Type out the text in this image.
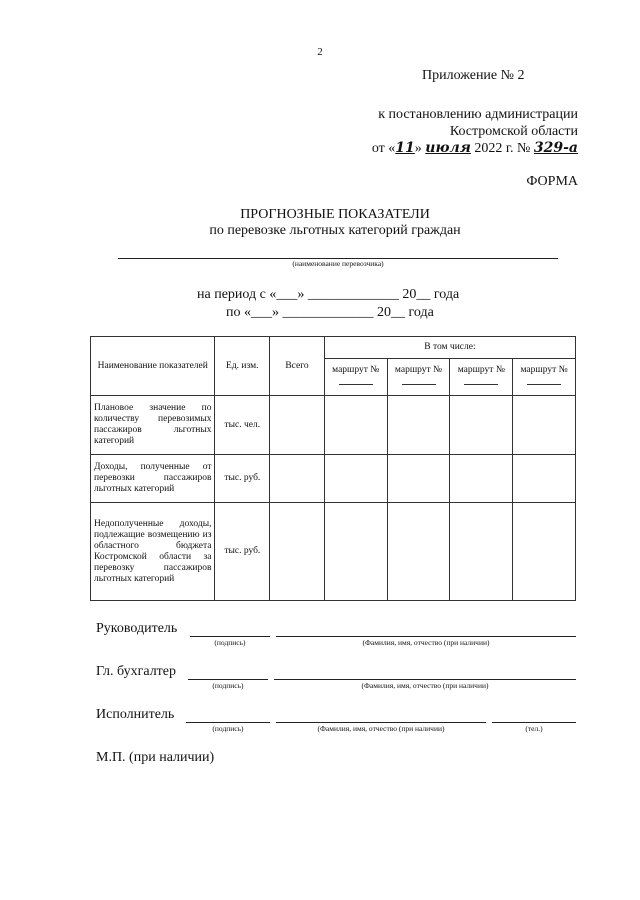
2
Приложение № 2
к постановлению администрации
Костромской области
от «11» июля 2022 г. № 329-а
ФОРМА
ПРОГНОЗНЫЕ ПОКАЗАТЕЛИ
по перевозке льготных категорий граждан
(наименование перевозчика)
на период с «___» _____________ 20__ года
по «___» _____________ 20__ года
Наименование показателей	Ед. изм.	Всего	В том числе:			

			маршрут №	маршрут №	маршрут №	маршрут №

Плановое значение по количеству перевозимых пассажиров льготных категорий	тыс. чел.					
Доходы, полученные от перевозки пассажиров льготных категорий	тыс. руб.					
Недополученные доходы, подлежащие возмещению из областного бюджета Костромской области за перевозку пассажиров льготных категорий	тыс. руб.					
Руководитель
(подпись)	(Фамилия, имя, отчество (при наличии)
Гл. бухгалтер
(подпись)	(Фамилия, имя, отчество (при наличии)
Исполнитель
(подпись)	(Фамилия, имя, отчество (при наличии)	(тел.)
М.П. (при наличии)
